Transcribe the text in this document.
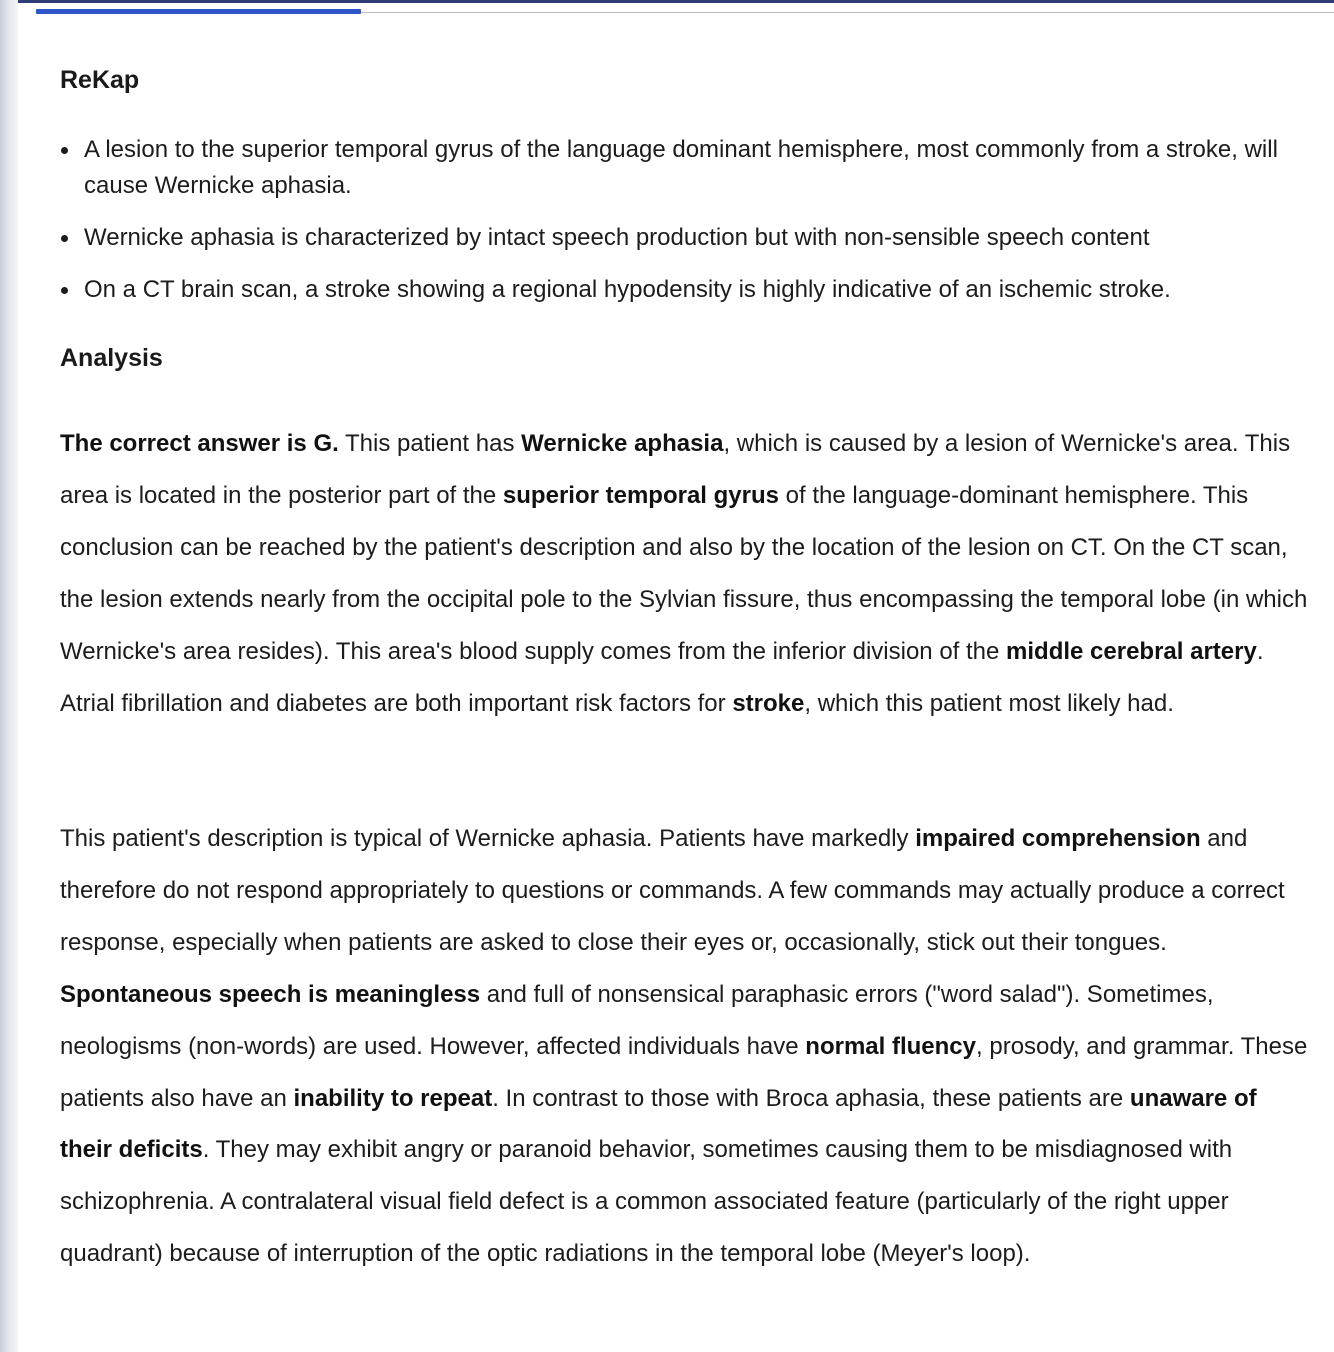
ReKap
A lesion to the superior temporal gyrus of the language dominant hemisphere, most commonly from a stroke, will cause Wernicke aphasia.
Wernicke aphasia is characterized by intact speech production but with non-sensible speech content
On a CT brain scan, a stroke showing a regional hypodensity is highly indicative of an ischemic stroke.
Analysis

The correct answer is G. This patient has Wernicke aphasia, which is caused by a lesion of Wernicke's area. This area is located in the posterior part of the superior temporal gyrus of the language-dominant hemisphere. This conclusion can be reached by the patient's description and also by the location of the lesion on CT. On the CT scan, the lesion extends nearly from the occipital pole to the Sylvian fissure, thus encompassing the temporal lobe (in which Wernicke's area resides). This area's blood supply comes from the inferior division of the middle cerebral artery. Atrial fibrillation and diabetes are both important risk factors for stroke, which this patient most likely had.

This patient's description is typical of Wernicke aphasia. Patients have markedly impaired comprehension and therefore do not respond appropriately to questions or commands. A few commands may actually produce a correct response, especially when patients are asked to close their eyes or, occasionally, stick out their tongues. Spontaneous speech is meaningless and full of nonsensical paraphasic errors ("word salad"). Sometimes, neologisms (non-words) are used. However, affected individuals have normal fluency, prosody, and grammar. These patients also have an inability to repeat. In contrast to those with Broca aphasia, these patients are unaware of their deficits. They may exhibit angry or paranoid behavior, sometimes causing them to be misdiagnosed with schizophrenia. A contralateral visual field defect is a common associated feature (particularly of the right upper quadrant) because of interruption of the optic radiations in the temporal lobe (Meyer's loop).
